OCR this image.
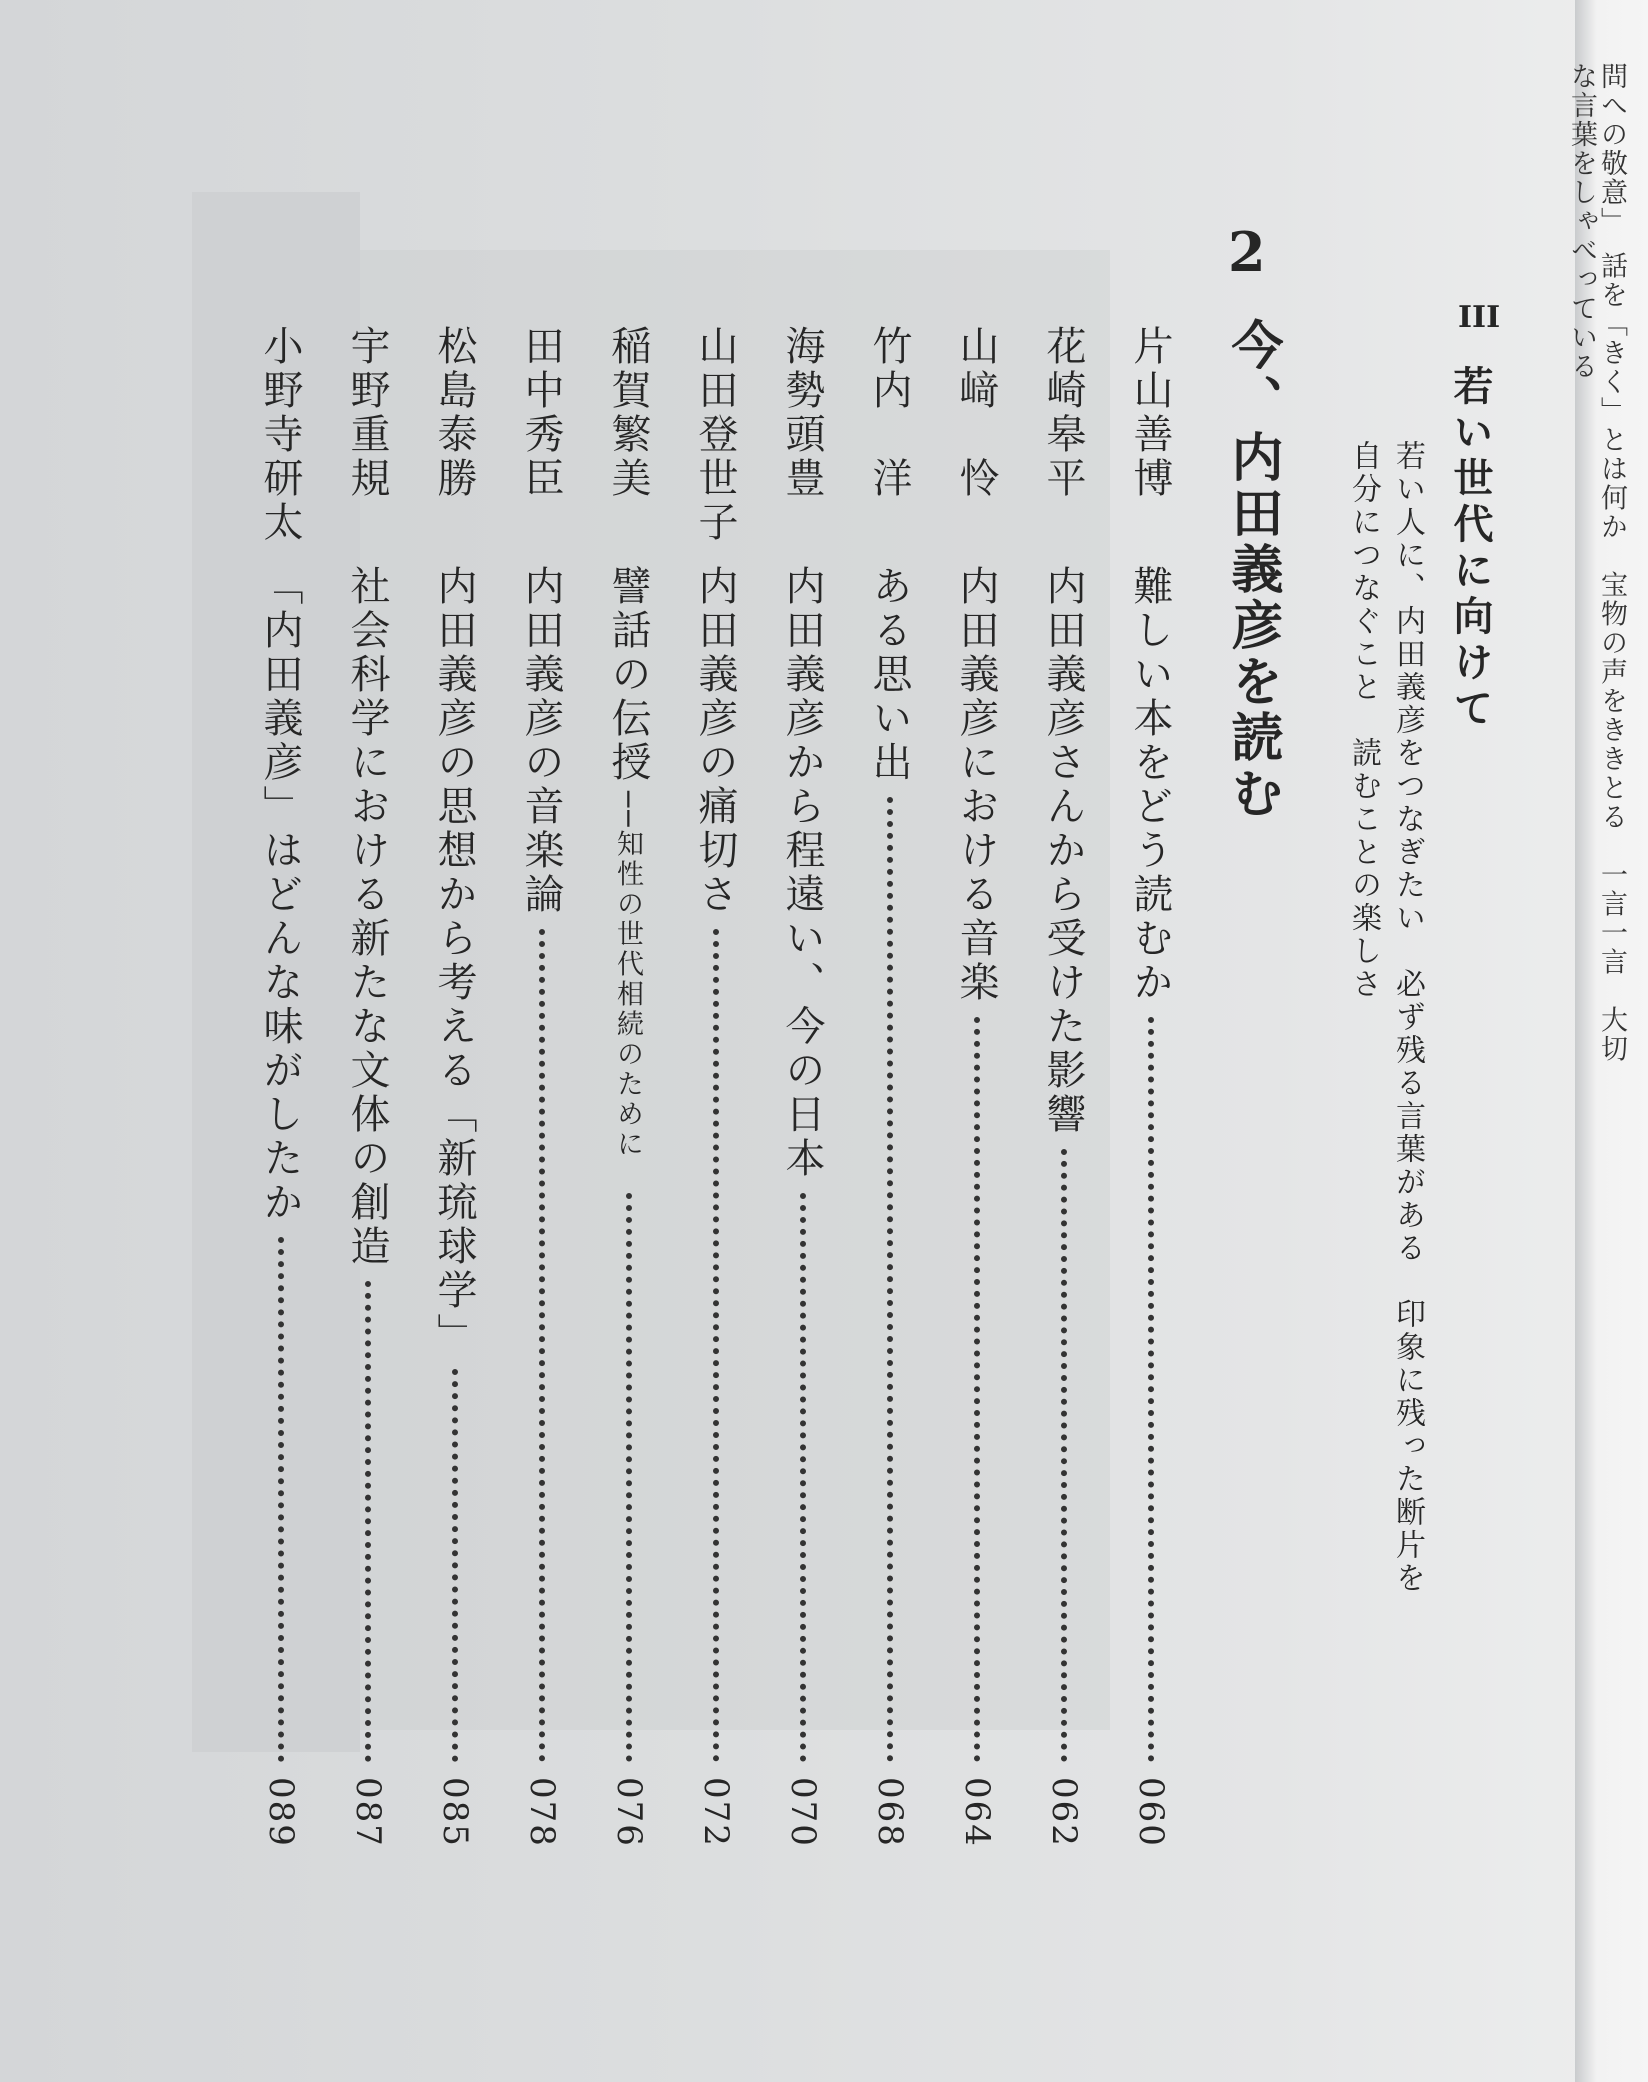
問への敬意」　話を「きく」とは何か　宝物の声をききとる　一言一言　大切
な言葉をしゃべっている
III
若い世代に向けて
若い人に、内田義彦をつなぎたい　必ず残る言葉がある　印象に残った断片を
自分につなぐこと　読むことの楽しさ
2
今、内田義彦を読む
片山善博
難しい本をどう読むか
060
花崎皋平
内田義彦さんから受けた影響
062
山﨑　怜
内田義彦における音楽
064
竹内　洋
ある思い出
068
海勢頭豊
内田義彦から程遠い、今の日本
070
山田登世子
内田義彦の痛切さ
072
稲賀繁美
譬話の伝授
──知性の世代相続のために
076
田中秀臣
内田義彦の音楽論
078
松島泰勝
内田義彦の思想から考える「新琉球学」
085
宇野重規
社会科学における新たな文体の創造
087
小野寺研太
「内田義彦」はどんな味がしたか
089
